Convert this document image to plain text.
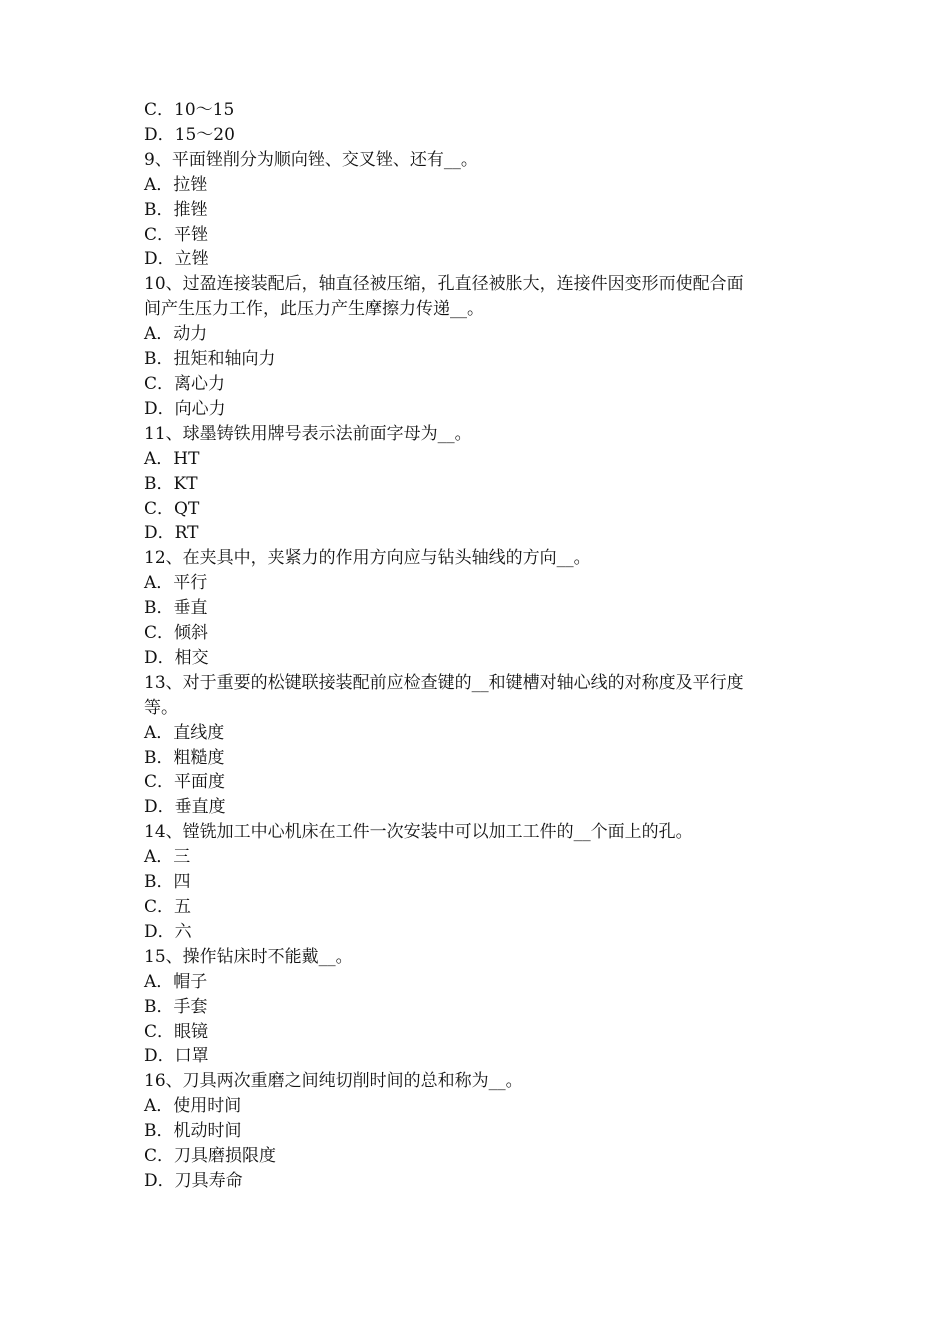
C．10～15
D．15～20
9、平面锉削分为顺向锉、交叉锉、还有__。
A．拉锉
B．推锉
C．平锉
D．立锉
10、过盈连接装配后，轴直径被压缩，孔直径被胀大，连接件因变形而使配合面
间产生压力工作，此压力产生摩擦力传递__。
A．动力
B．扭矩和轴向力
C．离心力
D．向心力
11、球墨铸铁用牌号表示法前面字母为__。
A．HT
B．KT
C．QT
D．RT
12、在夹具中，夹紧力的作用方向应与钻头轴线的方向__。
A．平行
B．垂直
C．倾斜
D．相交
13、对于重要的松键联接装配前应检查键的__和键槽对轴心线的对称度及平行度
等。
A．直线度
B．粗糙度
C．平面度
D．垂直度
14、镗铣加工中心机床在工件一次安装中可以加工工件的__个面上的孔。
A．三
B．四
C．五
D．六
15、操作钻床时不能戴__。
A．帽子
B．手套
C．眼镜
D．口罩
16、刀具两次重磨之间纯切削时间的总和称为__。
A．使用时间
B．机动时间
C．刀具磨损限度
D．刀具寿命
